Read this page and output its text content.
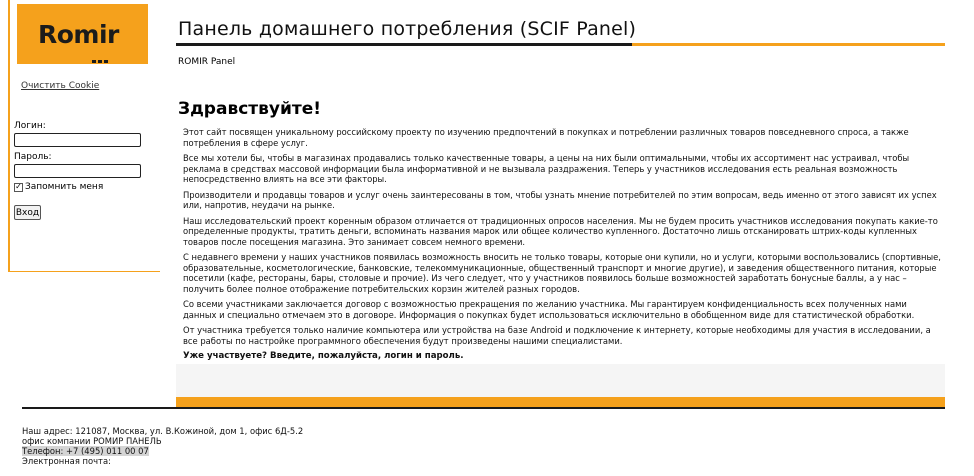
Romir
Очистить Cookie
Логин:
Пароль:
✓ Запомнить меня
Вход
Панель домашнего потребления (SCIF Panel)
ROMIR Panel
Здравствуйте!

Этот сайт посвящен уникальному российскому проекту по изучению предпочтений в покупках и потреблении различных товаров повседневного спроса, а также потребления в сфере услуг.

Все мы хотели бы, чтобы в магазинах продавались только качественные товары, а цены на них были оптимальными, чтобы их ассортимент нас устраивал, чтобы реклама в средствах массовой информации была информативной и не вызывала раздражения. Теперь у участников исследования есть реальная возможность непосредственно влиять на все эти факторы.

Производители и продавцы товаров и услуг очень заинтересованы в том, чтобы узнать мнение потребителей по этим вопросам, ведь именно от этого зависят их успех или, напротив, неудачи на рынке.

Наш исследовательский проект коренным образом отличается от традиционных опросов населения. Мы не будем просить участников исследования покупать какие-то определенные продукты, тратить деньги, вспоминать названия марок или общее количество купленного. Достаточно лишь отсканировать штрих-коды купленных товаров после посещения магазина. Это занимает совсем немного времени.

С недавнего времени у наших участников появилась возможность вносить не только товары, которые они купили, но и услуги, которыми воспользовались (спортивные, образовательные, косметологические, банковские, телекоммуникационные, общественный транспорт и многие другие), и заведения общественного питания, которые посетили (кафе, рестораны, бары, столовые и прочие). Из чего следует, что у участников появилось больше возможностей заработать бонусные баллы, а у нас – получить более полное отображение потребительских корзин жителей разных городов.

Со всеми участниками заключается договор с возможностью прекращения по желанию участника. Мы гарантируем конфиденциальность всех полученных нами данных и специально отмечаем это в договоре. Информация о покупках будет использоваться исключительно в обобщенном виде для статистической обработки.

От участника требуется только наличие компьютера или устройства на базе Android и подключение к интернету, которые необходимы для участия в исследовании, а все работы по настройке программного обеспечения будут произведены нашими специалистами.

Уже участвуете? Введите, пожалуйста, логин и пароль.

Наш адрес: 121087, Москва, ул. В.Кожиной, дом 1, офис 6Д-5.2
офис компании РОМИР ПАНЕЛЬ
Телефон: +7 (495) 011 00 07
Электронная почта:
